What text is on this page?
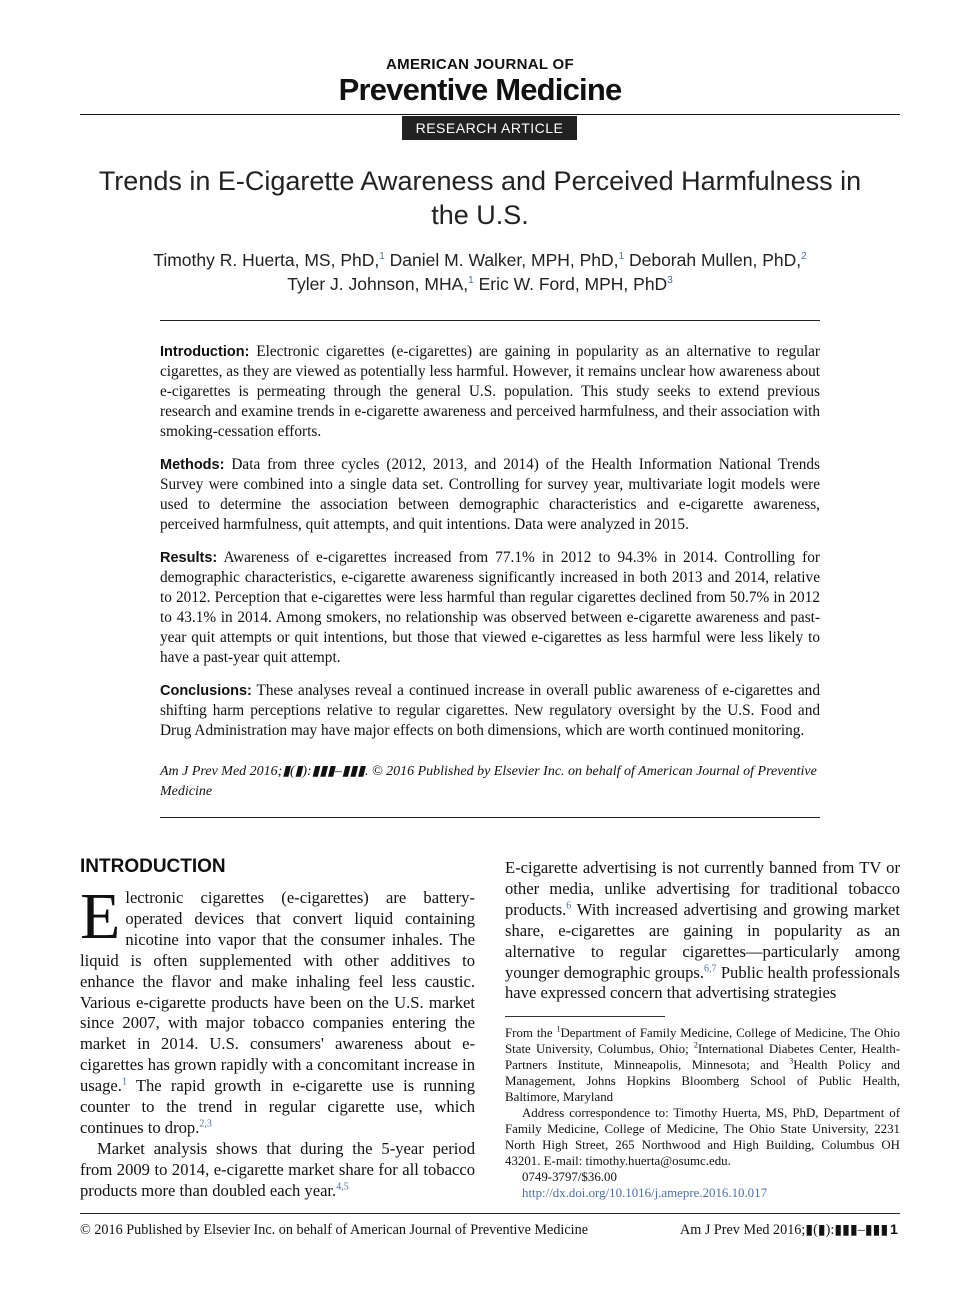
AMERICAN JOURNAL OF
Preventive Medicine
RESEARCH ARTICLE
Trends in E-Cigarette Awareness and Perceived Harmfulness in the U.S.
Timothy R. Huerta, MS, PhD,$^1$ Daniel M. Walker, MPH, PhD,$^1$ Deborah Mullen, PhD,$^2$
Tyler J. Johnson, MHA,$^1$ Eric W. Ford, MPH, PhD$^3$
Introduction: Electronic cigarettes (e-cigarettes) are gaining in popularity as an alternative to regular cigarettes, as they are viewed as potentially less harmful. However, it remains unclear how awareness about e-cigarettes is permeating through the general U.S. population. This study seeks to extend previous research and examine trends in e-cigarette awareness and perceived harmfulness, and their association with smoking-cessation efforts.
Methods: Data from three cycles (2012, 2013, and 2014) of the Health Information National Trends Survey were combined into a single data set. Controlling for survey year, multivariate logit models were used to determine the association between demographic characteristics and e-cigarette awareness, perceived harmfulness, quit attempts, and quit intentions. Data were analyzed in 2015.
Results: Awareness of e-cigarettes increased from 77.1% in 2012 to 94.3% in 2014. Controlling for demographic characteristics, e-cigarette awareness significantly increased in both 2013 and 2014, relative to 2012. Perception that e-cigarettes were less harmful than regular cigarettes declined from 50.7% in 2012 to 43.1% in 2014. Among smokers, no relationship was observed between e-cigarette awareness and past-year quit attempts or quit intentions, but those that viewed e-cigarettes as less harmful were less likely to have a past-year quit attempt.
Conclusions: These analyses reveal a continued increase in overall public awareness of e-cigarettes and shifting harm perceptions relative to regular cigarettes. New regulatory oversight by the U.S. Food and Drug Administration may have major effects on both dimensions, which are worth continued monitoring.
Am J Prev Med 2016;▮(▮):▮▮▮–▮▮▮. © 2016 Published by Elsevier Inc. on behalf of American Journal of Preventive Medicine
INTRODUCTION

Electronic cigarettes (e-cigarettes) are battery-operated devices that convert liquid containing nicotine into vapor that the consumer inhales. The liquid is often supplemented with other additives to enhance the flavor and make inhaling feel less caustic. Various e-cigarette products have been on the U.S. market since 2007, with major tobacco companies entering the market in 2014. U.S. consumers' awareness about e-cigarettes has grown rapidly with a concomitant increase in usage.$^1$ The rapid growth in e-cigarette use is running counter to the trend in regular cigarette use, which continues to drop.$^{2,3}$

Market analysis shows that during the 5-year period from 2009 to 2014, e-cigarette market share for all tobacco products more than doubled each year.$^{4,5}$

E-cigarette advertising is not currently banned from TV or other media, unlike advertising for traditional tobacco products.$^6$ With increased advertising and growing market share, e-cigarettes are gaining in popularity as an alternative to regular cigarettes—particularly among younger demographic groups.$^{6,7}$ Public health professionals have expressed concern that advertising strategies

From the $^1$Department of Family Medicine, College of Medicine, The Ohio State University, Columbus, Ohio; $^2$International Diabetes Center, Health-Partners Institute, Minneapolis, Minnesota; and $^3$Health Policy and Management, Johns Hopkins Bloomberg School of Public Health, Baltimore, Maryland

Address correspondence to: Timothy Huerta, MS, PhD, Department of Family Medicine, College of Medicine, The Ohio State University, 2231 North High Street, 265 Northwood and High Building, Columbus OH 43201. E-mail: timothy.huerta@osumc.edu.

0749-3797/$36.00

http://dx.doi.org/10.1016/j.amepre.2016.10.017

© 2016 Published by Elsevier Inc. on behalf of American Journal of Preventive Medicine	Am J Prev Med 2016;▮(▮):▮▮▮–▮▮▮ 1
